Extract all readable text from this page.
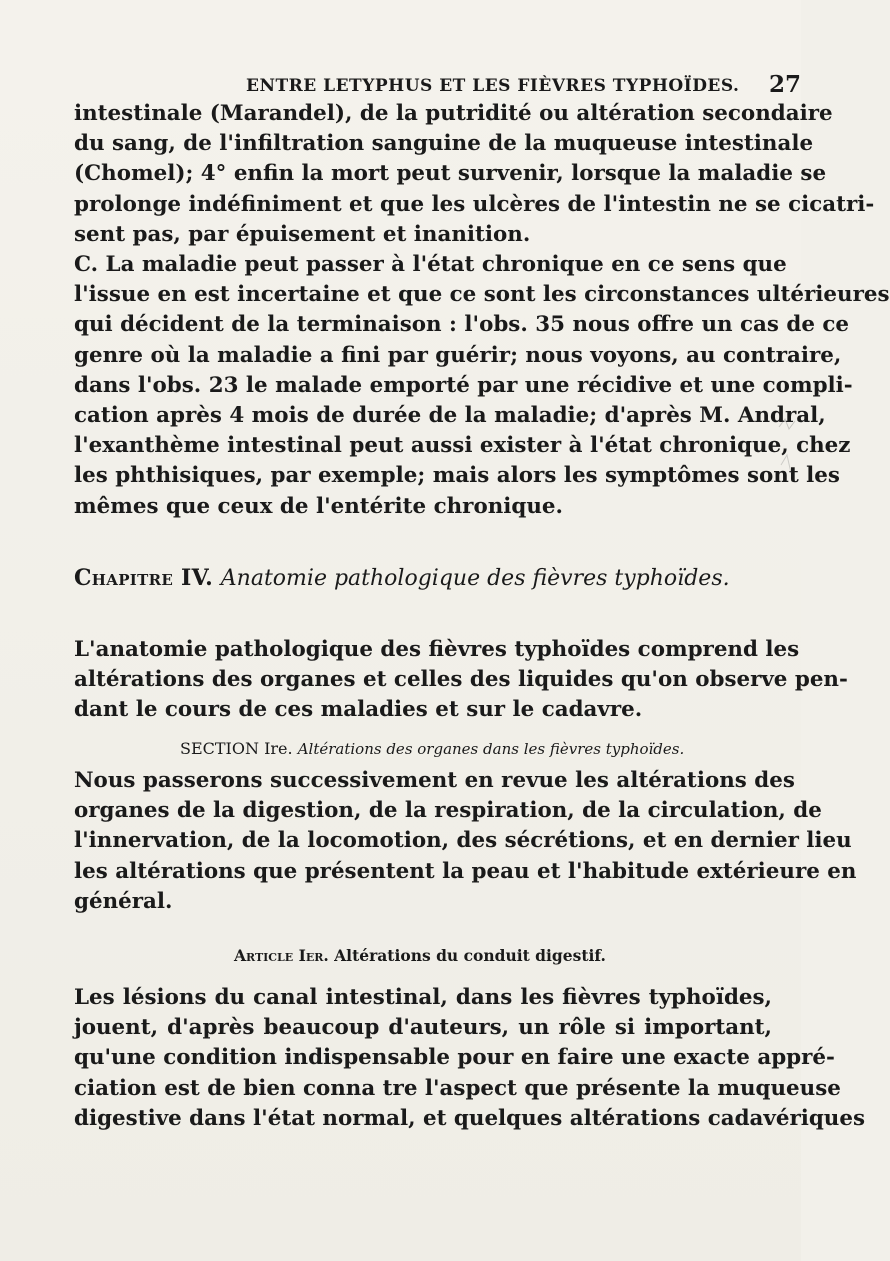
ENTRE LETYPHUS ET LES FIÈVRES TYPHOÏDES. 27
intestinale (Marandel), de la putridité ou altération secondaire
du sang, de l'infiltration sanguine de la muqueuse intestinale
(Chomel); 4° enfin la mort peut survenir, lorsque la maladie se
prolonge indéfiniment et que les ulcères de l'intestin ne se cicatri-
sent pas, par épuisement et inanition.
C. La maladie peut passer à l'état chronique en ce sens que
l'issue en est incertaine et que ce sont les circonstances ultérieures
qui décident de la terminaison : l'obs. 35 nous offre un cas de ce
genre où la maladie a fini par guérir; nous voyons, au contraire,
dans l'obs. 23 le malade emporté par une récidive et une compli-
cation après 4 mois de durée de la maladie; d'après M. Andral,
l'exanthème intestinal peut aussi exister à l'état chronique, chez
les phthisiques, par exemple; mais alors les symptômes sont les
mêmes que ceux de l'entérite chronique.
Chapitre IV. Anatomie pathologique des fièvres typhoïdes.
L'anatomie pathologique des fièvres typhoïdes comprend les
altérations des organes et celles des liquides qu'on observe pen-
dant le cours de ces maladies et sur le cadavre.
SECTION Ire. Altérations des organes dans les fièvres typhoïdes.
Nous passerons successivement en revue les altérations des
organes de la digestion, de la respiration, de la circulation, de
l'innervation, de la locomotion, des sécrétions, et en dernier lieu
les altérations que présentent la peau et l'habitude extérieure en
général.
Article Ier. Altérations du conduit digestif.
Les lésions du canal intestinal, dans les fièvres typhoïdes,
jouent, d'après beaucoup d'auteurs, un rôle si important,
qu'une condition indispensable pour en faire une exacte appré-
ciation est de bien conna tre l'aspect que présente la muqueuse
digestive dans l'état normal, et quelques altérations cadavériques
